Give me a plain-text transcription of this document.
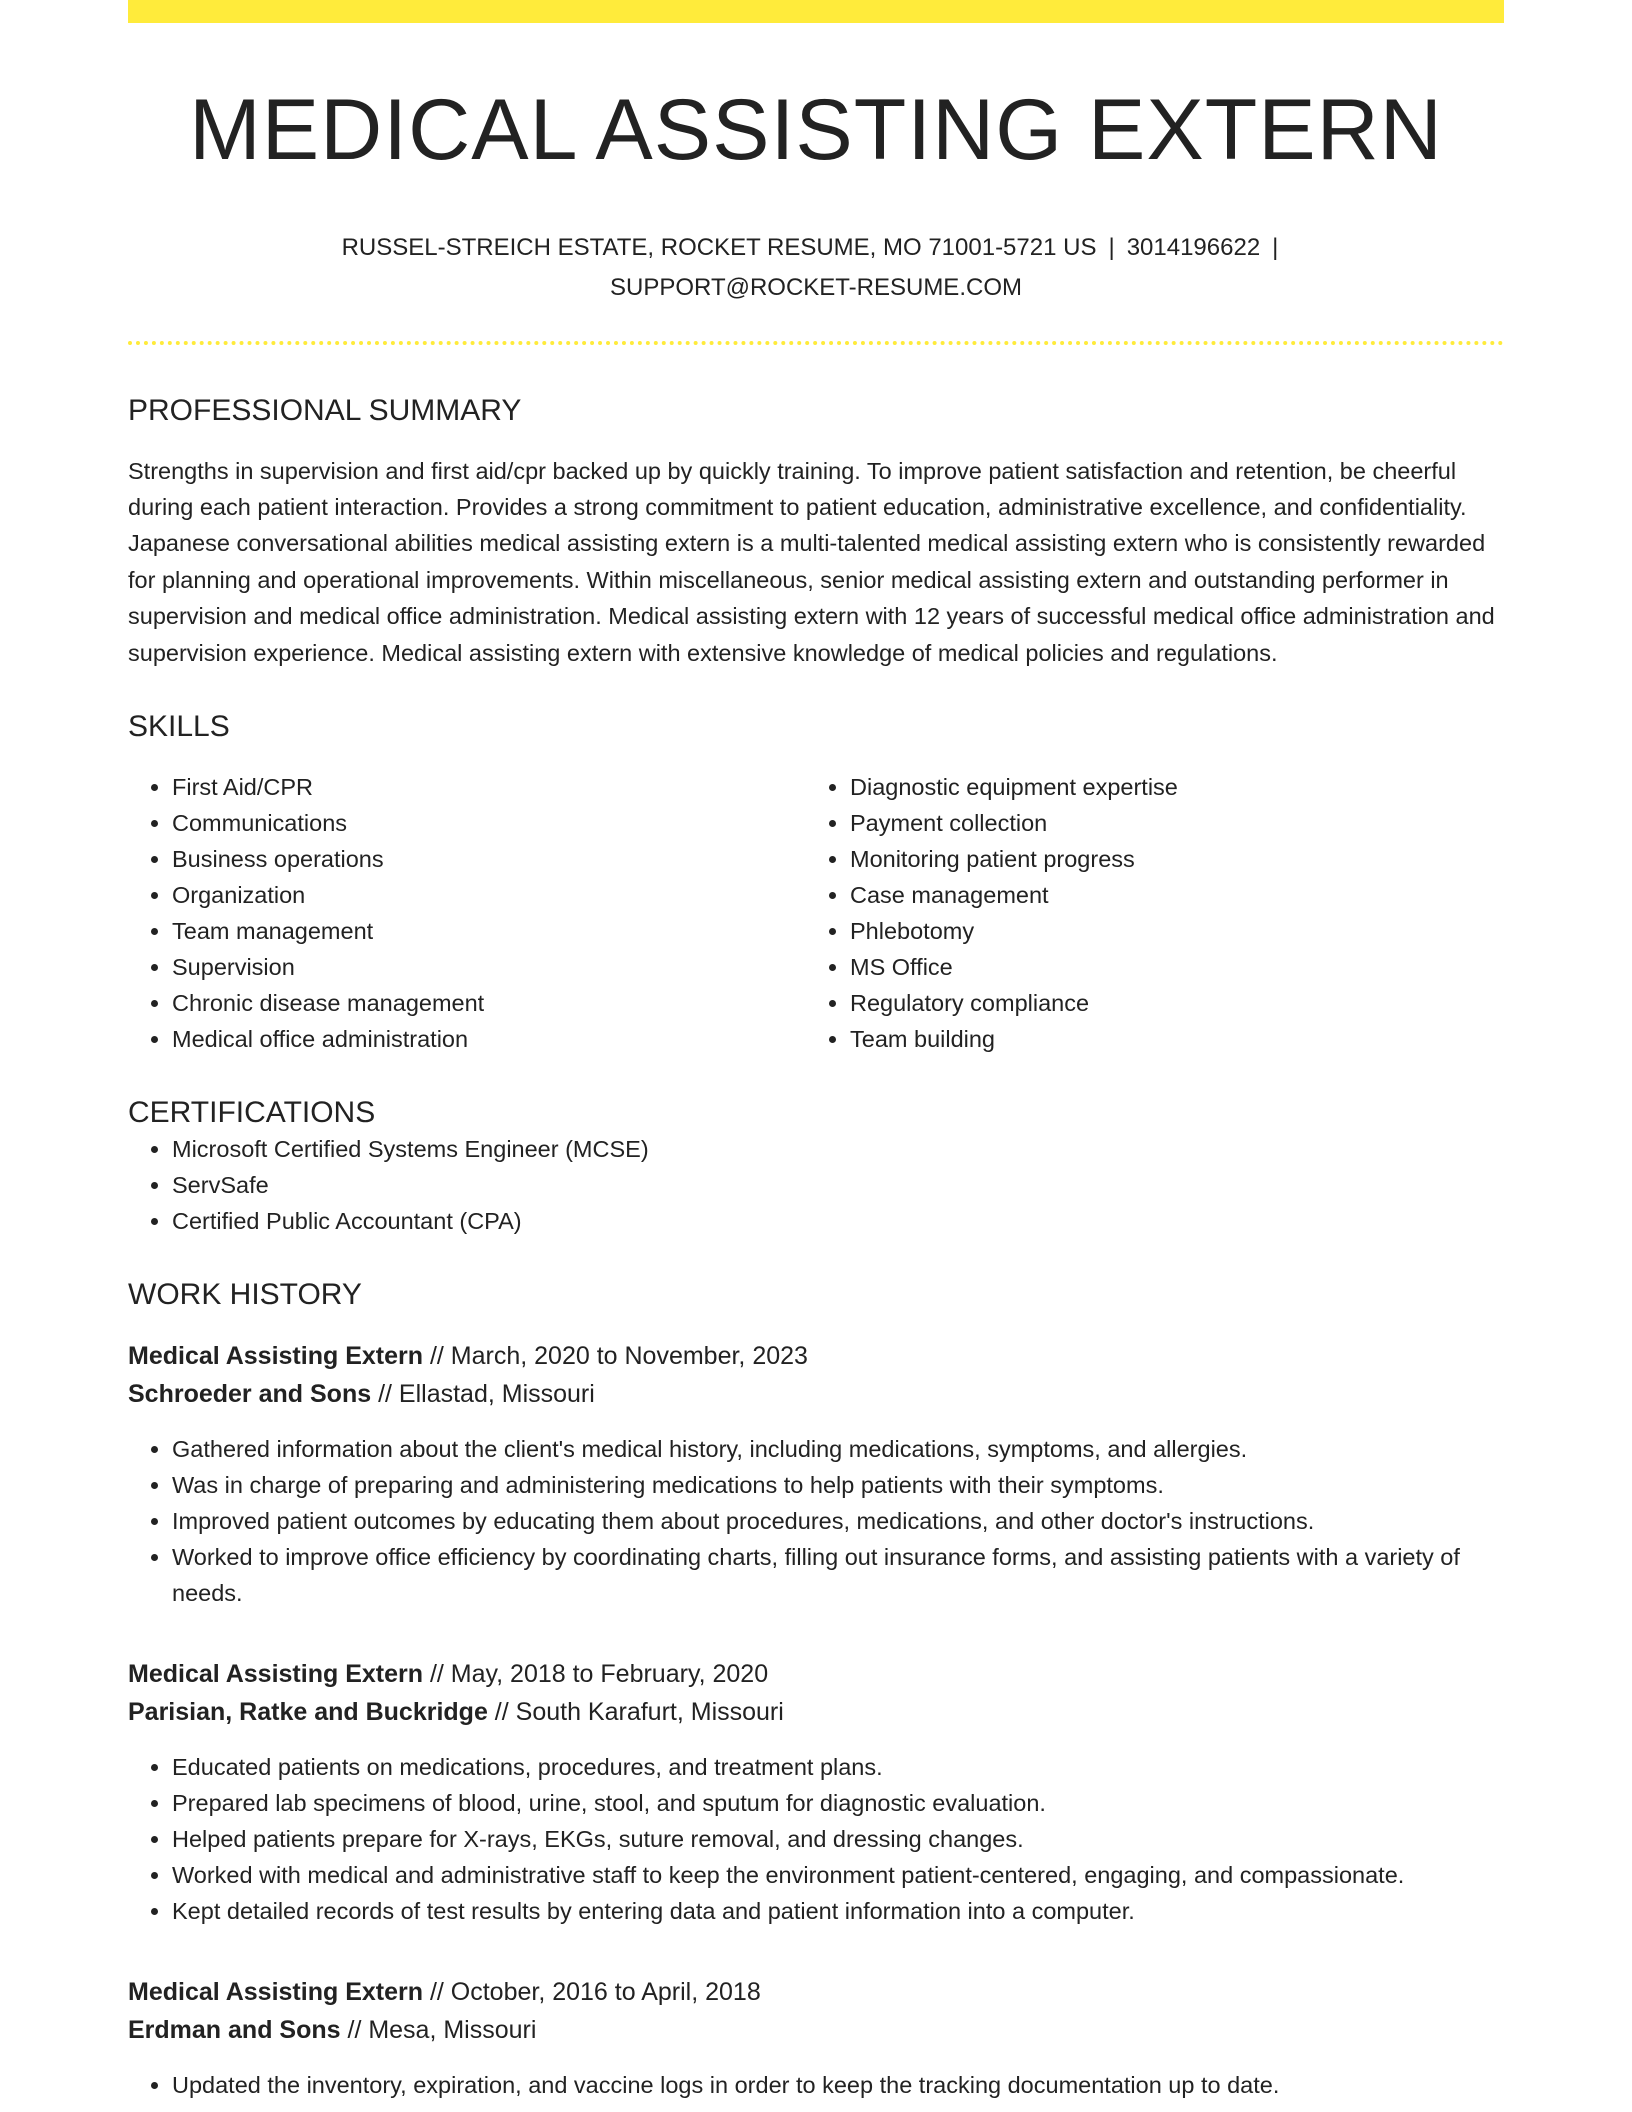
MEDICAL ASSISTING EXTERN
RUSSEL-STREICH ESTATE, ROCKET RESUME, MO 71001-5721 US | 3014196622 |
SUPPORT@ROCKET-RESUME.COM
PROFESSIONAL SUMMARY

Strengths in supervision and first aid/cpr backed up by quickly training. To improve patient satisfaction and retention, be cheerful during each patient interaction. Provides a strong commitment to patient education, administrative excellence, and confidentiality. Japanese conversational abilities medical assisting extern is a multi-talented medical assisting extern who is consistently rewarded for planning and operational improvements. Within miscellaneous, senior medical assisting extern and outstanding performer in supervision and medical office administration. Medical assisting extern with 12 years of successful medical office administration and supervision experience. Medical assisting extern with extensive knowledge of medical policies and regulations.

SKILLS
• First Aid/CPR
• Communications
• Business operations
• Organization
• Team management
• Supervision
• Chronic disease management
• Medical office administration
• Diagnostic equipment expertise
• Payment collection
• Monitoring patient progress
• Case management
• Phlebotomy
• MS Office
• Regulatory compliance
• Team building
CERTIFICATIONS
• Microsoft Certified Systems Engineer (MCSE)
• ServSafe
• Certified Public Accountant (CPA)
WORK HISTORY
Medical Assisting Extern // March, 2020 to November, 2023
Schroeder and Sons // Ellastad, Missouri
• Gathered information about the client's medical history, including medications, symptoms, and allergies.
• Was in charge of preparing and administering medications to help patients with their symptoms.
• Improved patient outcomes by educating them about procedures, medications, and other doctor's instructions.
• Worked to improve office efficiency by coordinating charts, filling out insurance forms, and assisting patients with a variety of needs.
Medical Assisting Extern // May, 2018 to February, 2020
Parisian, Ratke and Buckridge // South Karafurt, Missouri
• Educated patients on medications, procedures, and treatment plans.
• Prepared lab specimens of blood, urine, stool, and sputum for diagnostic evaluation.
• Helped patients prepare for X-rays, EKGs, suture removal, and dressing changes.
• Worked with medical and administrative staff to keep the environment patient-centered, engaging, and compassionate.
• Kept detailed records of test results by entering data and patient information into a computer.
Medical Assisting Extern // October, 2016 to April, 2018
Erdman and Sons // Mesa, Missouri
• Updated the inventory, expiration, and vaccine logs in order to keep the tracking documentation up to date.
